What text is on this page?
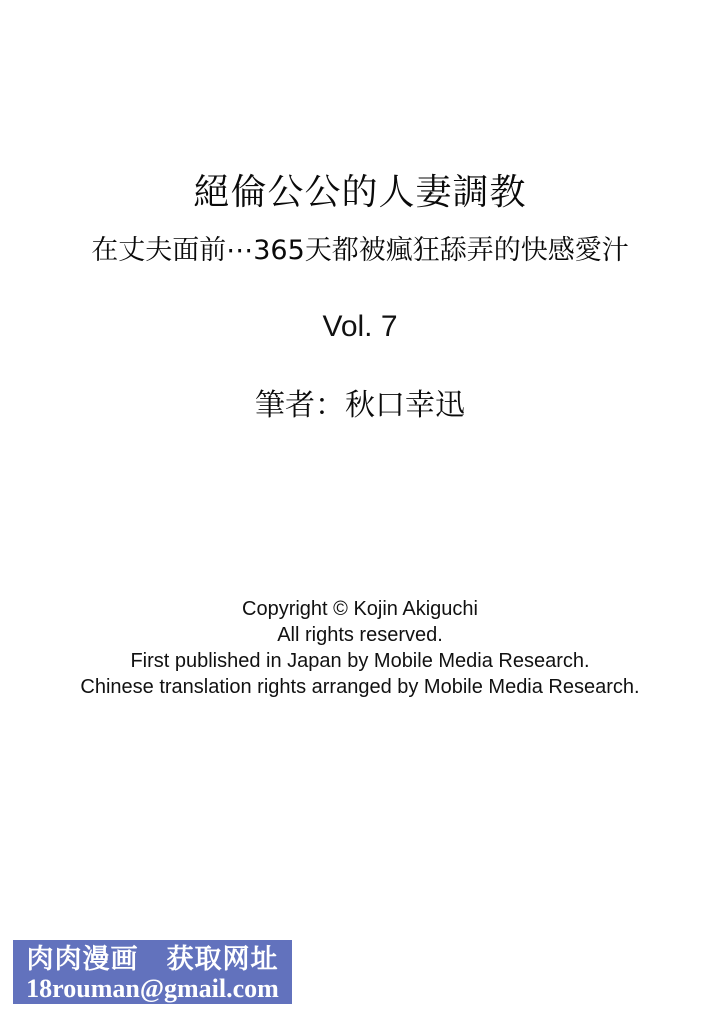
絕倫公公的人妻調教
在丈夫面前⋯365天都被瘋狂舔弄的快感愛汁
Vol. 7
筆者：秋口幸迅
Copyright © Kojin Akiguchi
All rights reserved.
First published in Japan by Mobile Media Research.
Chinese translation rights arranged by Mobile Media Research.
肉肉漫画　获取网址
18rouman@gmail.com
